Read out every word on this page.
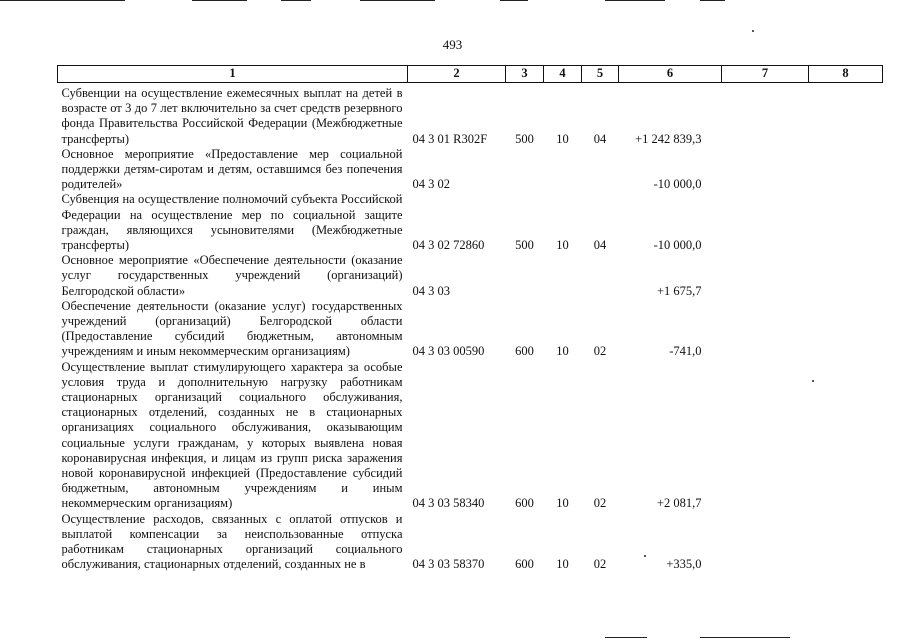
493
1	2	3	4	5	6	7	8
Субвенции на осуществление ежемесячных выплат на детей в возрасте от 3 до 7 лет включительно за счет средств резервного фонда Правительства Российской Федерации (Межбюджетные трансферты)	04 3 01 R302F	500	10	04	+1 242 839,3		
Основное мероприятие «Предоставление мер социальной поддержки детям-сиротам и детям, оставшимся без попечения родителей»	04 3 02				-10 000,0		
Субвенция на осуществление полномочий субъекта Российской Федерации на осуществление мер по социальной защите граждан, являющихся усыновителями (Межбюджетные трансферты)	04 3 02 72860	500	10	04	-10 000,0		
Основное мероприятие «Обеспечение деятельности (оказание услуг государственных учреждений (организаций) Белгородской области»	04 3 03				+1 675,7		
Обеспечение деятельности (оказание услуг) государственных учреждений (организаций) Белгородской области (Предоставление субсидий бюджетным, автономным учреждениям и иным некоммерческим организациям)	04 3 03 00590	600	10	02	-741,0		
Осуществление выплат стимулирующего характера за особые условия труда и дополнительную нагрузку работникам стационарных организаций социального обслуживания, стационарных отделений, созданных не в стационарных организациях социального обслуживания, оказывающим социальные услуги гражданам, у которых выявлена новая коронавирусная инфекция, и лицам из групп риска заражения новой коронавирусной инфекцией (Предоставление субсидий бюджетным, автономным учреждениям и иным некоммерческим организациям)	04 3 03 58340	600	10	02	+2 081,7		
Осуществление расходов, связанных с оплатой отпусков и выплатой компенсации за неиспользованные отпуска работникам стационарных организаций социального обслуживания, стационарных отделений, созданных не в	04 3 03 58370	600	10	02	+335,0		
